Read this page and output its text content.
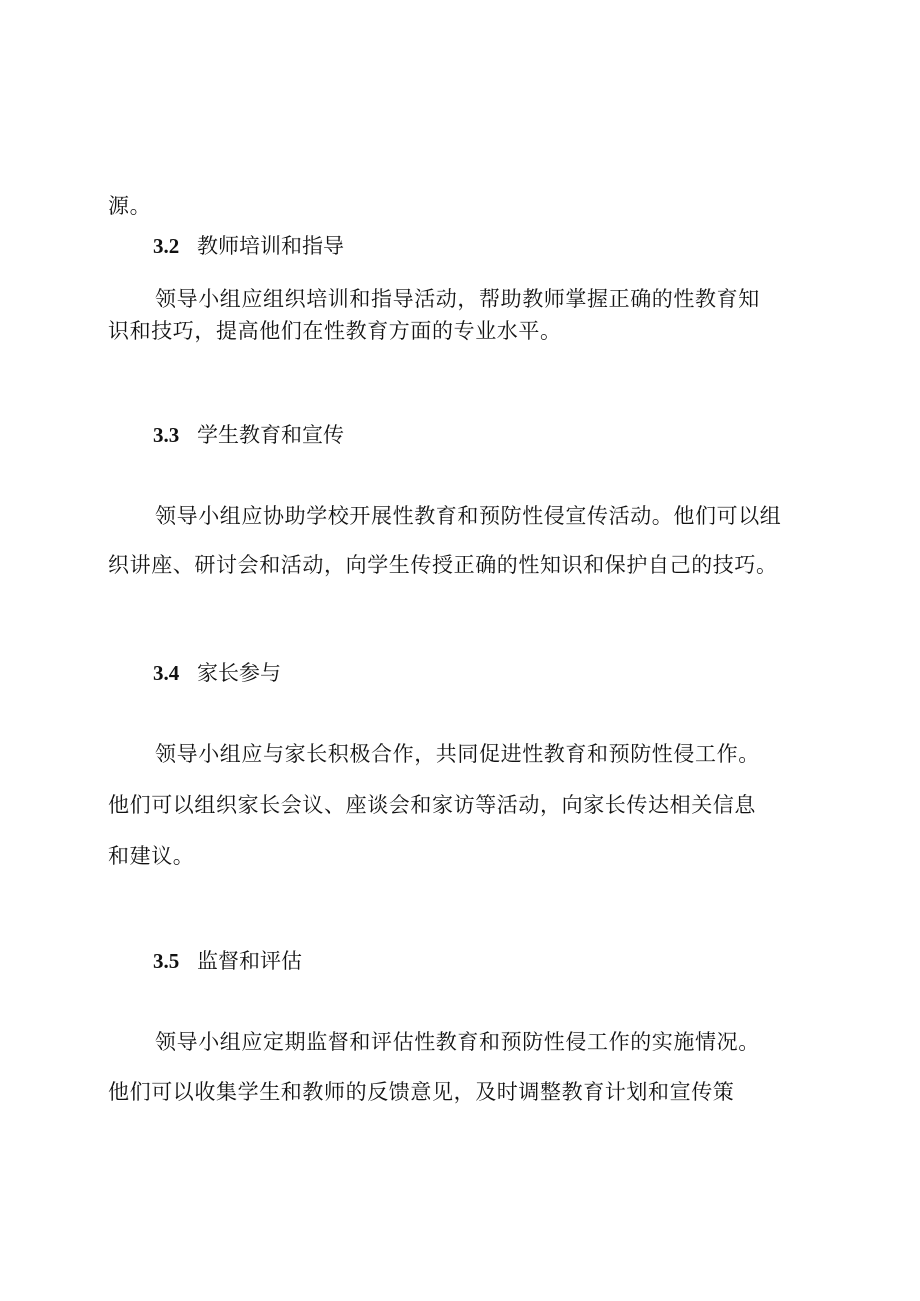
源。
3.2 教师培训和指导
领导小组应组织培训和指导活动，帮助教师掌握正确的性教育知
识和技巧，提高他们在性教育方面的专业水平。
3.3 学生教育和宣传
领导小组应协助学校开展性教育和预防性侵宣传活动。他们可以组
织讲座、研讨会和活动，向学生传授正确的性知识和保护自己的技巧。
3.4 家长参与
领导小组应与家长积极合作，共同促进性教育和预防性侵工作。
他们可以组织家长会议、座谈会和家访等活动，向家长传达相关信息
和建议。
3.5 监督和评估
领导小组应定期监督和评估性教育和预防性侵工作的实施情况。
他们可以收集学生和教师的反馈意见，及时调整教育计划和宣传策
